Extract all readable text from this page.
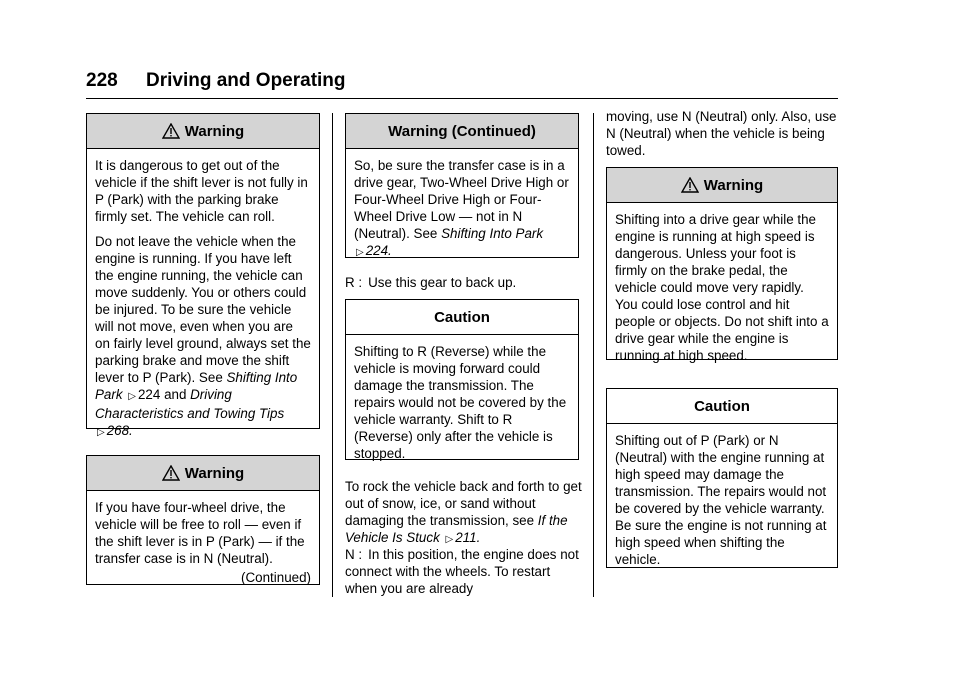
228 Driving and Operating
Warning

It is dangerous to get out of the vehicle if the shift lever is not fully in P (Park) with the parking brake firmly set. The vehicle can roll.

Do not leave the vehicle when the engine is running. If you have left the engine running, the vehicle can move suddenly. You or others could be injured. To be sure the vehicle will not move, even when you are on fairly level ground, always set the parking brake and move the shift lever to P (Park). See Shifting Into Park ▷ 224 and Driving Characteristics and Towing Tips ▷ 268.

Warning

If you have four-wheel drive, the vehicle will be free to roll — even if the shift lever is in P (Park) — if the transfer case is in N (Neutral).

(Continued)
Warning (Continued)

So, be sure the transfer case is in a drive gear, Two-Wheel Drive High or Four-Wheel Drive High or Four-Wheel Drive Low — not in N (Neutral). See Shifting Into Park ▷ 224.

R : Use this gear to back up.

Caution

Shifting to R (Reverse) while the vehicle is moving forward could damage the transmission. The repairs would not be covered by the vehicle warranty. Shift to R (Reverse) only after the vehicle is stopped.

To rock the vehicle back and forth to get out of snow, ice, or sand without damaging the transmission, see If the Vehicle Is Stuck ▷ 211.

N : In this position, the engine does not connect with the wheels. To restart when you are already

moving, use N (Neutral) only. Also, use N (Neutral) when the vehicle is being towed.

Warning

Shifting into a drive gear while the engine is running at high speed is dangerous. Unless your foot is firmly on the brake pedal, the vehicle could move very rapidly. You could lose control and hit people or objects. Do not shift into a drive gear while the engine is running at high speed.

Caution

Shifting out of P (Park) or N (Neutral) with the engine running at high speed may damage the transmission. The repairs would not be covered by the vehicle warranty. Be sure the engine is not running at high speed when shifting the vehicle.
